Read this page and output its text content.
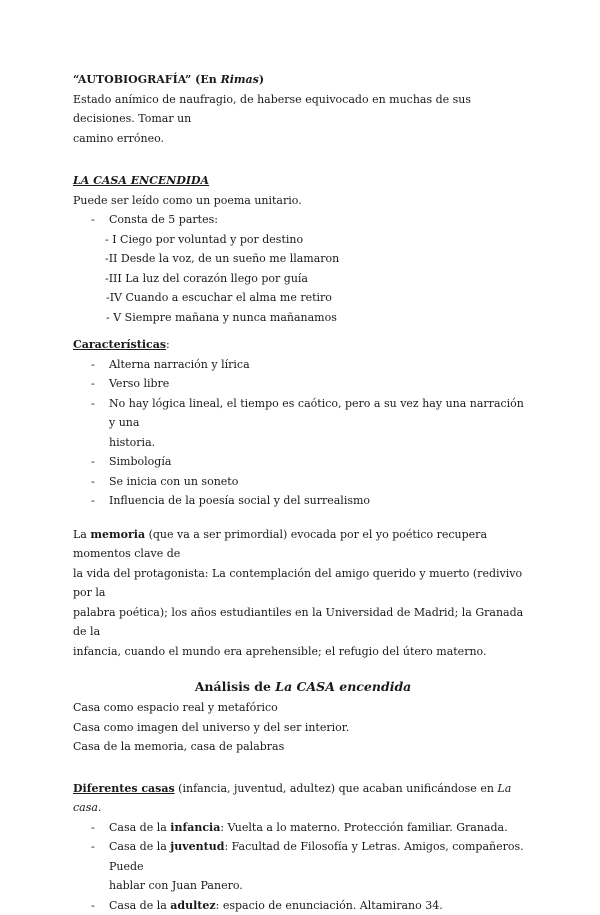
“AUTOBIOGRAFÍA” (En Rimas)
Estado anímico de naufragio, de haberse equivocado en muchas de sus decisiones. Tomar un
camino erróneo.
LA CASA ENCENDIDA
Puede ser leído como un poema unitario.
- Consta de 5 partes:
- I Ciego por voluntad y por destino
-II Desde la voz, de un sueño me llamaron
-III La luz del corazón llego por guía
-IV Cuando a escuchar el alma me retiro
- V Siempre mañana y nunca mañanamos
Características:
- Alterna narración y lírica
- Verso libre
- No hay lógica lineal, el tiempo es caótico, pero a su vez hay una narración y una
historia.
- Simbología
- Se inicia con un soneto
- Influencia de la poesía social y del surrealismo
La memoria (que va a ser primordial) evocada por el yo poético recupera momentos clave de
la vida del protagonista: La contemplación del amigo querido y muerto (redivivo por la
palabra poética); los años estudiantiles en la Universidad de Madrid; la Granada de la
infancia, cuando el mundo era aprehensible; el refugio del útero materno.
Análisis de La CASA encendida
Casa como espacio real y metafórico
Casa como imagen del universo y del ser interior.
Casa de la memoria, casa de palabras
Diferentes casas (infancia, juventud, adultez) que acaban unificándose en La casa.
- Casa de la infancia: Vuelta a lo materno. Protección familiar. Granada.
- Casa de la juventud: Facultad de Filosofía y Letras. Amigos, compañeros. Puede
hablar con Juan Panero.
- Casa de la adultez: espacio de enunciación. Altamirano 34.
